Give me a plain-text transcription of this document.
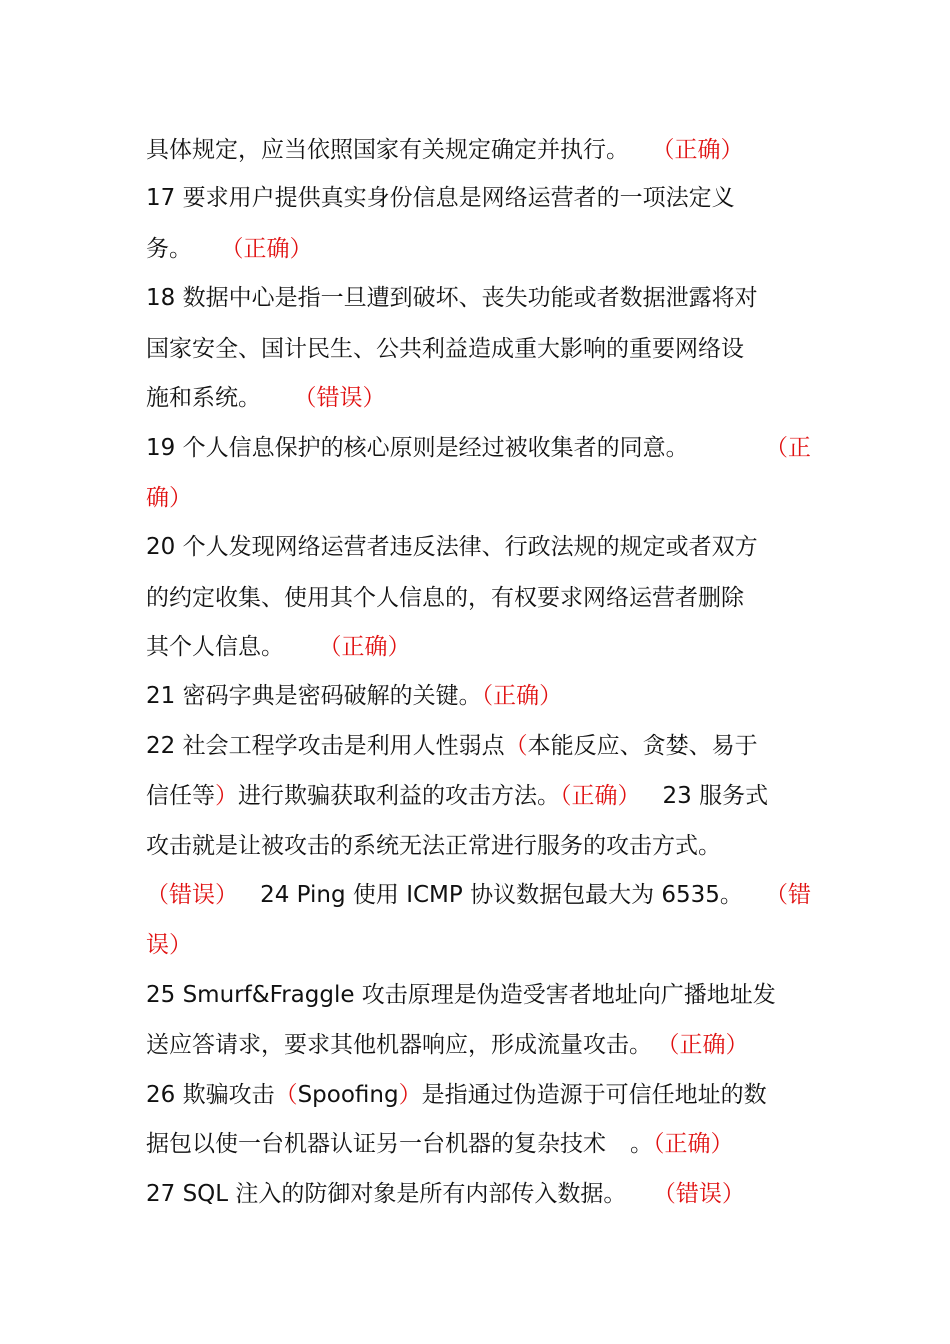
具体规定，应当依照国家有关规定确定并执行。 （正确）
17 要求用户提供真实身份信息是网络运营者的一项法定义
务。 （正确）
18 数据中心是指一旦遭到破坏、丧失功能或者数据泄露将对
国家安全、国计民生、公共利益造成重大影响的重要网络设
施和系统。 （错误）
19 个人信息保护的核心原则是经过被收集者的同意。	（正
确）
20 个人发现网络运营者违反法律、行政法规的规定或者双方
的约定收集、使用其个人信息的，有权要求网络运营者删除
其个人信息。 （正确）
21 密码字典是密码破解的关键。（正确）
22 社会工程学攻击是利用人性弱点（本能反应、贪婪、易于
信任等）进行欺骗获取利益的攻击方法。（正确） 23 服务式
攻击就是让被攻击的系统无法正常进行服务的攻击方式。
（错误） 24 Ping 使用 ICMP 协议数据包最大为 6535。 （错
误）
25 Smurf&Fraggle 攻击原理是伪造受害者地址向广播地址发
送应答请求，要求其他机器响应，形成流量攻击。 （正确）
26 欺骗攻击（Spoofing）是指通过伪造源于可信任地址的数
据包以使一台机器认证另一台机器的复杂技术 。（正确）
27 SQL 注入的防御对象是所有内部传入数据。 （错误）
